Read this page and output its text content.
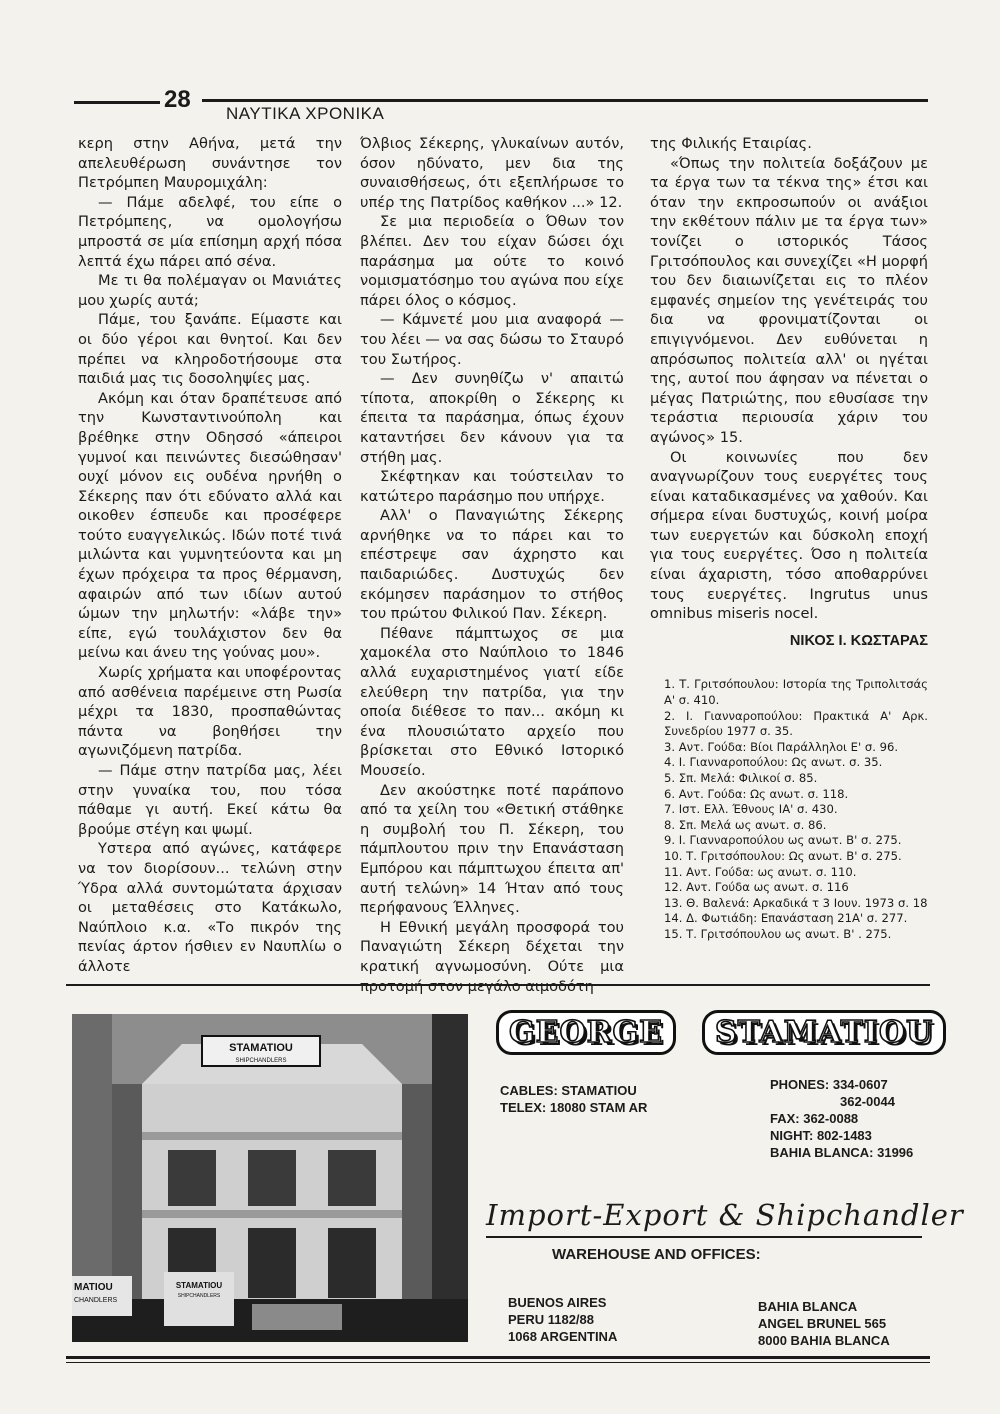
28
ΝΑΥΤΙΚΑ ΧΡΟΝΙΚΑ

κερη στην Αθήνα, μετά την απελευθέρωση συνάντησε τον Πετρόμπεη Μαυρομιχάλη:

— Πάμε αδελφέ, του είπε ο Πετρόμπεης, να ομολογήσω μπροστά σε μία επίσημη αρχή πόσα λεπτά έχω πάρει από σένα.

Με τι θα πολέμαγαν οι Μανιάτες μου χωρίς αυτά;

Πάμε, του ξανάπε. Είμαστε και οι δύο γέροι και θνητοί. Και δεν πρέπει να κληροδοτήσουμε στα παιδιά μας τις δοσοληψίες μας.

Ακόμη και όταν δραπέτευσε από την Κωνσταντινούπολη και βρέθηκε στην Οδησσό «άπειροι γυμνοί και πεινώντες διεσώθησαν' ουχί μόνον εις ουδένα ηρνήθη ο Σέκερης παν ότι εδύνατο αλλά και οικοθεν έσπευδε και προσέφερε τούτο ευαγγελικώς. Ιδών ποτέ τινά μιλώντα και γυμνητεύοντα και μη έχων πρόχειρα τα προς θέρμανση, αφαιρών από των ιδίων αυτού ώμων την μηλωτήν: «λάβε την» είπε, εγώ τουλάχιστον δεν θα μείνω και άνευ της γούνας μου».

Χωρίς χρήματα και υποφέροντας από ασθένεια παρέμεινε στη Ρωσία μέχρι τα 1830, προσπαθώντας πάντα να βοηθήσει την αγωνιζόμενη πατρίδα.

— Πάμε στην πατρίδα μας, λέει στην γυναίκα του, που τόσα πάθαμε γι αυτή. Εκεί κάτω θα βρούμε στέγη και ψωμί.

Υστερα από αγώνες, κατάφερε να τον διορίσουν... τελώνη στην Ύδρα αλλά συντομώτατα άρχισαν οι μεταθέσεις στο Κατάκωλο, Ναύπλοιο κ.α. «Το πικρόν της πενίας άρτον ήσθιεν εν Ναυπλίω ο άλλοτε

Όλβιος Σέκερης, γλυκαίνων αυτόν, όσον ηδύνατο, μεν δια της συναισθήσεως, ότι εξεπλήρωσε το υπέρ της Πατρίδος καθήκον ...» 12.

Σε μια περιοδεία ο Όθων τον βλέπει. Δεν του είχαν δώσει όχι παράσημα μα ούτε το κοινό νομισματόσημο του αγώνα που είχε πάρει όλος ο κόσμος.

— Κάμνετέ μου μια αναφορά — του λέει — να σας δώσω το Σταυρό του Σωτήρος.

— Δεν συνηθίζω ν' απαιτώ τίποτα, αποκρίθη ο Σέκερης κι έπειτα τα παράσημα, όπως έχουν καταντήσει δεν κάνουν για τα στήθη μας.

Σκέφτηκαν και τούστειλαν το κατώτερο παράσημο που υπήρχε.

Αλλ' ο Παναγιώτης Σέκερης αρνήθηκε να το πάρει και το επέστρεψε σαν άχρηστο και παιδαριώδες. Δυστυχώς δεν εκόμησεν παράσημον το στήθος του πρώτου Φιλικού Παν. Σέκερη.

Πέθανε πάμπτωχος σε μια χαμοκέλα στο Ναύπλοιο το 1846 αλλά ευχαριστημένος γιατί είδε ελεύθερη την πατρίδα, για την οποία διέθεσε το παν... ακόμη κι ένα πλουσιώτατο αρχείο που βρίσκεται στο Εθνικό Ιστορικό Μουσείο.

Δεν ακούστηκε ποτέ παράπονο από τα χείλη του «Θετική στάθηκε η συμβολή του Π. Σέκερη, του πάμπλουτου πριν την Επανάσταση Εμπόρου και πάμπτωχου έπειτα απ' αυτή τελώνη» 14 Ήταν από τους περήφανους Έλληνες.

Η Εθνική μεγάλη προσφορά του Παναγιώτη Σέκερη δέχεται την κρατική αγνωμοσύνη. Ούτε μια προτομή στον μεγάλο αιμοδότη

της Φιλικής Εταιρίας.

«Όπως την πολιτεία δοξάζουν με τα έργα των τα τέκνα της» έτσι και όταν την εκπροσωπούν οι ανάξιοι την εκθέτουν πάλιν με τα έργα των» τονίζει ο ιστορικός Τάσος Γριτσόπουλος και συνεχίζει «Η μορφή του δεν διαιωνίζεται εις το πλέον εμφανές σημείον της γενέτειράς του δια να φρονιματίζονται οι επιγιγνόμενοι. Δεν ευθύνεται η απρόσωπος πολιτεία αλλ' οι ηγέται της, αυτοί που άφησαν να πένεται ο μέγας Πατριώτης, που εθυσίασε την τεράστια περιουσία χάριν του αγώνος» 15.

Οι κοινωνίες που δεν αναγνωρίζουν τους ευεργέτες τους είναι καταδικασμένες να χαθούν. Και σήμερα είναι δυστυχώς, κοινή μοίρα των ευεργετών και δύσκολη εποχή για τους ευεργέτες. Όσο η πολιτεία είναι άχαριστη, τόσο αποθαρρύνει τους ευεργέτες. Ingrutus unus omnibus miseris nocel.

ΝΙΚΟΣ Ι. ΚΩΣΤΑΡΑΣ

1. Τ. Γριτσόπουλου: Ιστορία της Τριπολιτσάς Α' σ. 410.
2. Ι. Γιανναροπούλου: Πρακτικά Α' Αρκ. Συνεδρίου 1977 σ. 35.
3. Αντ. Γούδα: Βίοι Παράλληλοι Ε' σ. 96.
4. Ι. Γιανναροπούλου: Ως ανωτ. σ. 35.
5. Σπ. Μελά: Φιλικοί σ. 85.
6. Αντ. Γούδα: Ως ανωτ. σ. 118.
7. Ιστ. Ελλ. Έθνους ΙΑ' σ. 430.
8. Σπ. Μελά ως ανωτ. σ. 86.
9. Ι. Γιανναροπούλου ως ανωτ. Β' σ. 275.
10. Τ. Γριτσόπουλου: Ως ανωτ. Β' σ. 275.
11. Αντ. Γούδα: ως ανωτ. σ. 110.
12. Αντ. Γούδα ως ανωτ. σ. 116
13. Θ. Βαλενά: Αρκαδικά τ 3 Ιουν. 1973 σ. 18
14. Δ. Φωτιάδη: Επανάσταση 21Α' σ. 277.
15. Τ. Γριτσόπουλου ως ανωτ. Β' . 275.
STAMATIOU
SHIPCHANDLERS
MATIOU
CHANDLERS
STAMATIOU
SHIPCHANDLERS
GEORGE	STAMATIOU
CABLES: STAMATIOU
TELEX: 18080 STAM AR
PHONES: 334-0607
362-0044
FAX: 362-0088
NIGHT: 802-1483
BAHIA BLANCA: 31996
Import-Export & Shipchandler
WAREHOUSE AND OFFICES:
BUENOS AIRES
PERU 1182/88
1068 ARGENTINA
BAHIA BLANCA
ANGEL BRUNEL 565
8000 BAHIA BLANCA
